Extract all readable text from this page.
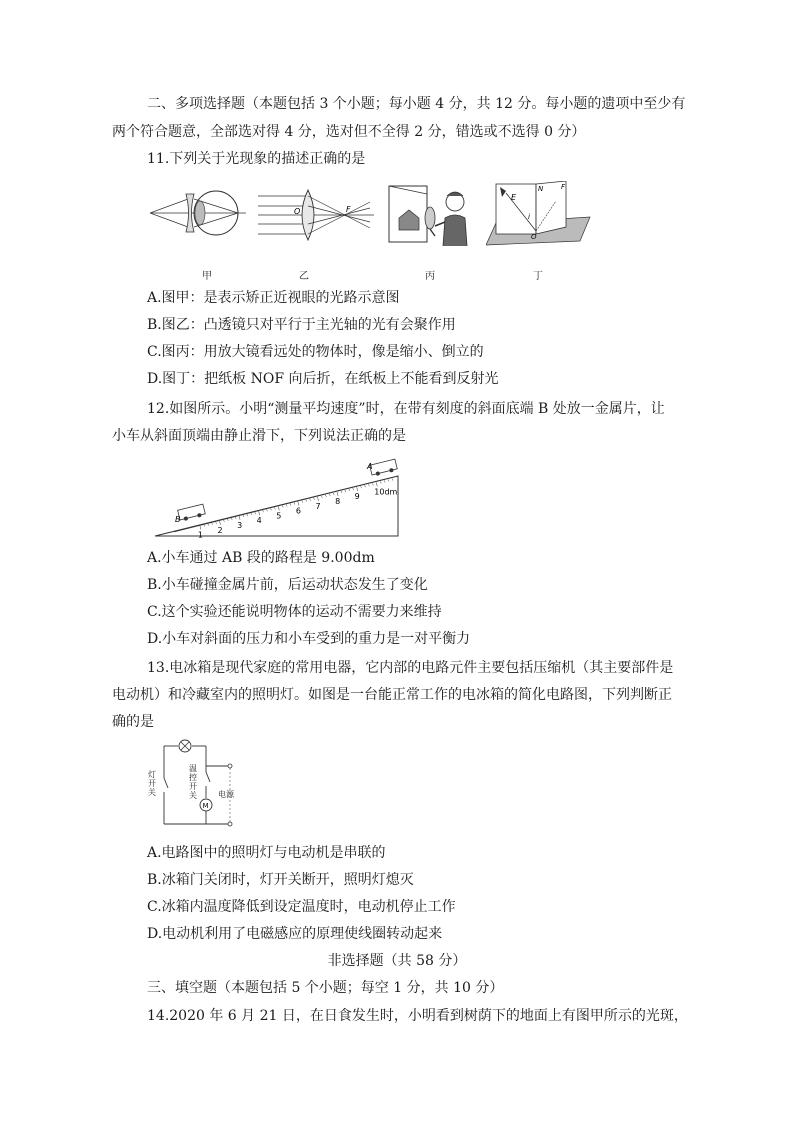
二、多项选择题（本题包括 3 个小题；每小题 4 分，共 12 分。每小题的遗项中至少有
两个符合题意，全部选对得 4 分，选对但不全得 2 分，错选或不选得 0 分）
11.下列关于光现象的描述正确的是
O	F
E
N
i
F
O
甲	乙	丙	丁
A.图甲：是表示矫正近视眼的光路示意图
B.图乙：凸透镜只对平行于主光轴的光有会聚作用
C.图丙：用放大镜看远处的物体时，像是缩小、倒立的
D.图丁：把纸板 NOF 向后折，在纸板上不能看到反射光
12.如图所示。小明“测量平均速度”时，在带有刻度的斜面底端 B 处放一金属片，让
小车从斜面顶端由静止滑下，下列说法正确的是
1
2
3
4
5
6
7
8
9
10dm
B
A
A.小车通过 AB 段的路程是 9.00dm
B.小车碰撞金属片前，后运动状态发生了变化
C.这个实验还能说明物体的运动不需要力来维持
D.小车对斜面的压力和小车受到的重力是一对平衡力
13.电冰箱是现代家庭的常用电器，它内部的电路元件主要包括压缩机（其主要部件是
电动机）和冷藏室内的照明灯。如图是一台能正常工作的电冰箱的简化电路图，下列判断正
确的是
M
灯开关
温控开关	电源
A.电路图中的照明灯与电动机是串联的
B.冰箱门关闭时，灯开关断开，照明灯熄灭
C.冰箱内温度降低到设定温度时，电动机停止工作
D.电动机利用了电磁感应的原理使线圈转动起来
非选择题（共 58 分）
三、填空题（本题包括 5 个小题；每空 1 分，共 10 分）
14.2020 年 6 月 21 日，在日食发生时，小明看到树荫下的地面上有图甲所示的光斑，
